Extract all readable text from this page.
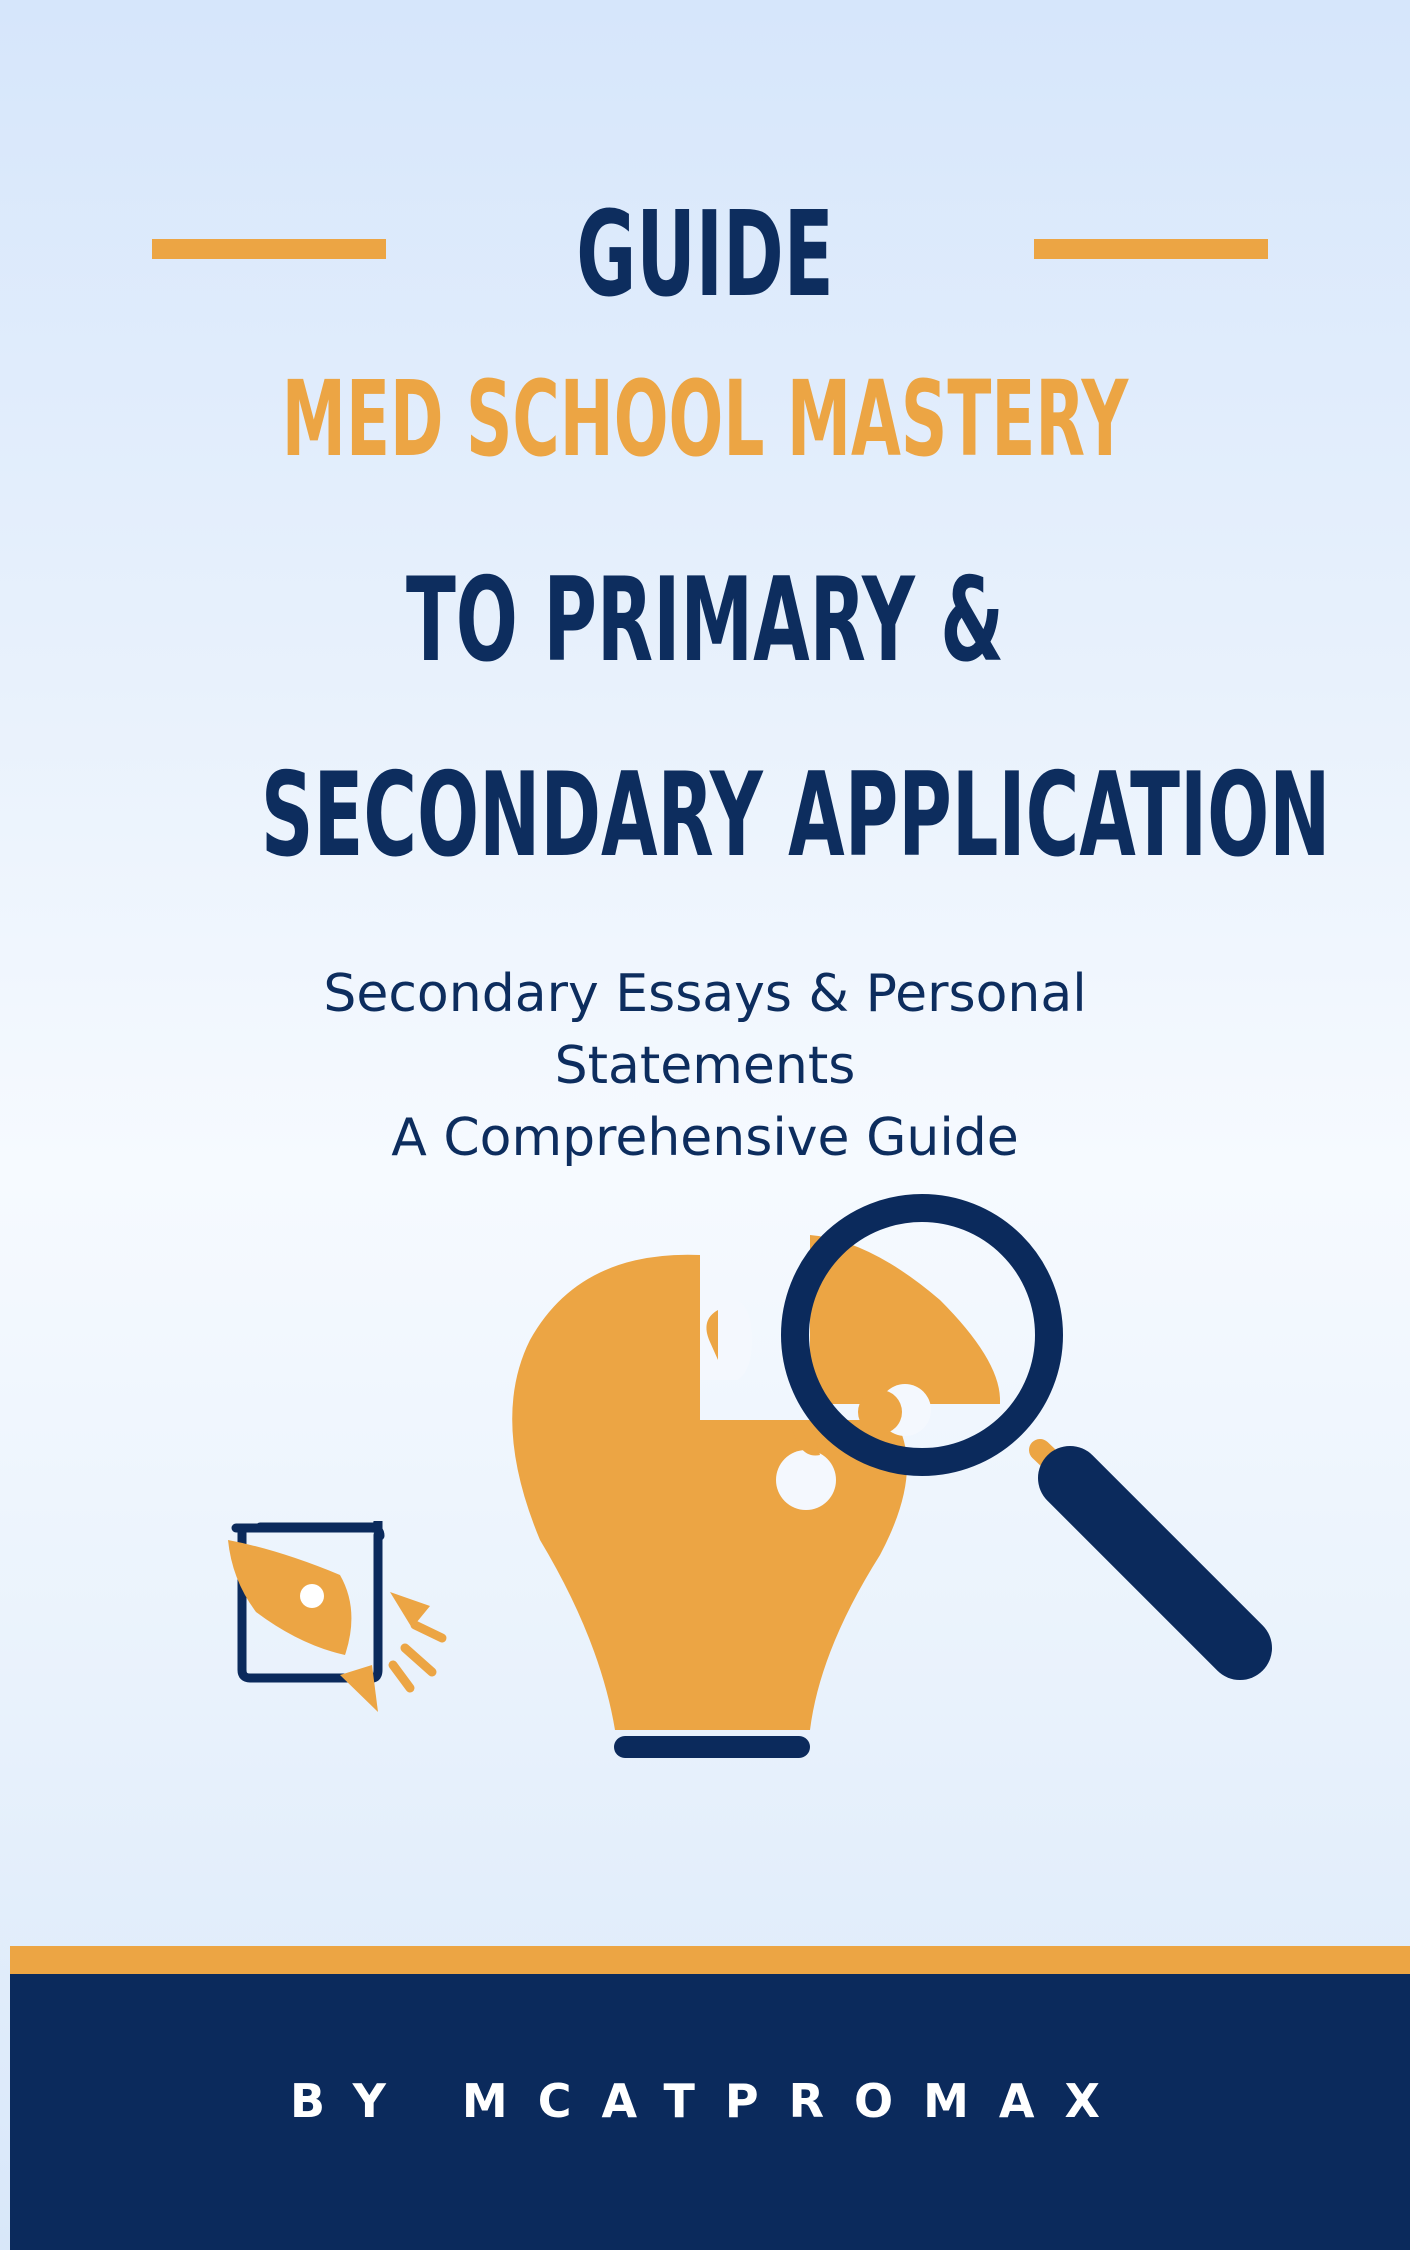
GUIDE
MED SCHOOL MASTERY
TO PRIMARY &
SECONDARY APPLICATION
Secondary Essays & Personal
Statements
A Comprehensive Guide
BY MCATPROMAX
